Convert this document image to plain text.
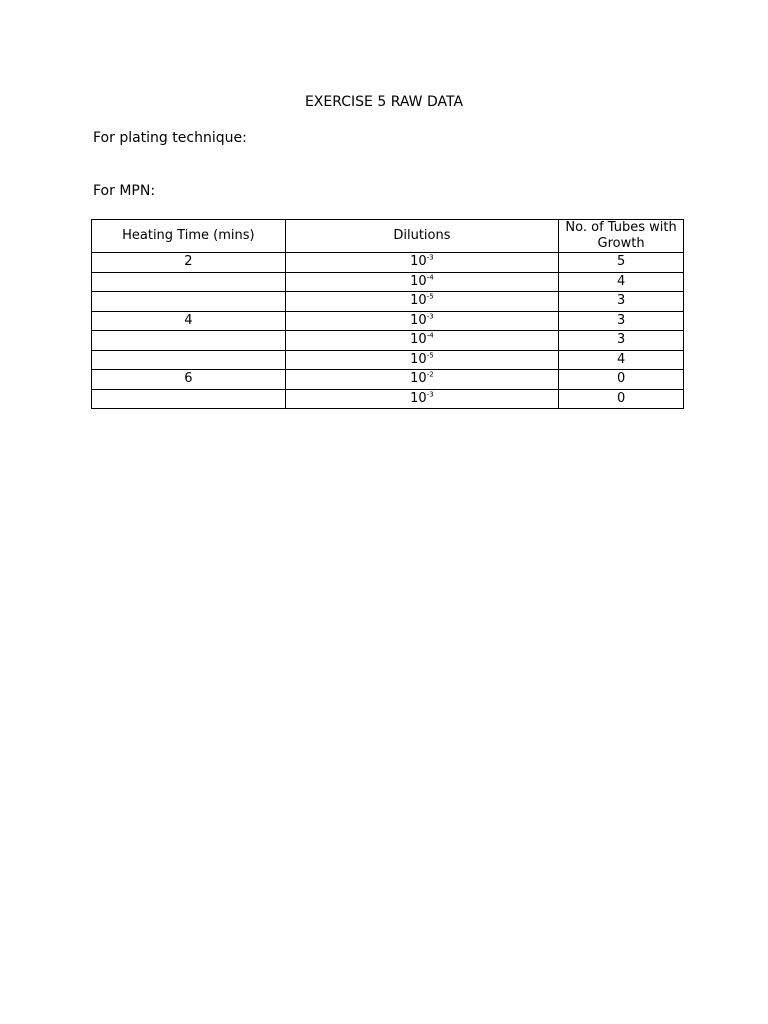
EXERCISE 5 RAW DATA
For plating technique:
For MPN:
Heating Time (mins)	Dilutions	No. of Tubes with Growth
2	$10^{-3}$	5
	$10^{-4}$	4
	$10^{-5}$	3
4	$10^{-3}$	3
	$10^{-4}$	3
	$10^{-5}$	4
6	$10^{-2}$	0
	$10^{-3}$	0
